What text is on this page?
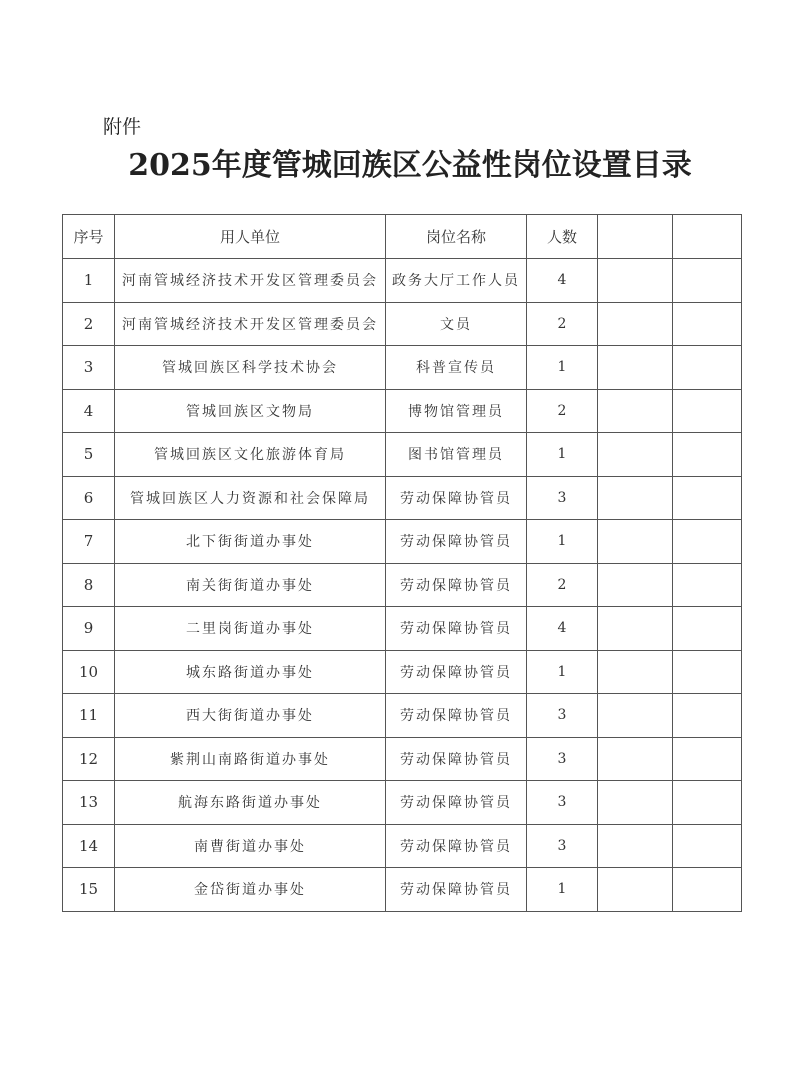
附件
2025年度管城回族区公益性岗位设置目录
序号	用人单位	岗位名称	人数		
1	河南管城经济技术开发区管理委员会	政务大厅工作人员	4		
2	河南管城经济技术开发区管理委员会	文员	2		
3	管城回族区科学技术协会	科普宣传员	1		
4	管城回族区文物局	博物馆管理员	2		
5	管城回族区文化旅游体育局	图书馆管理员	1		
6	管城回族区人力资源和社会保障局	劳动保障协管员	3		
7	北下街街道办事处	劳动保障协管员	1		
8	南关街街道办事处	劳动保障协管员	2		
9	二里岗街道办事处	劳动保障协管员	4		
10	城东路街道办事处	劳动保障协管员	1		
11	西大街街道办事处	劳动保障协管员	3		
12	紫荆山南路街道办事处	劳动保障协管员	3		
13	航海东路街道办事处	劳动保障协管员	3		
14	南曹街道办事处	劳动保障协管员	3		
15	金岱街道办事处	劳动保障协管员	1		
